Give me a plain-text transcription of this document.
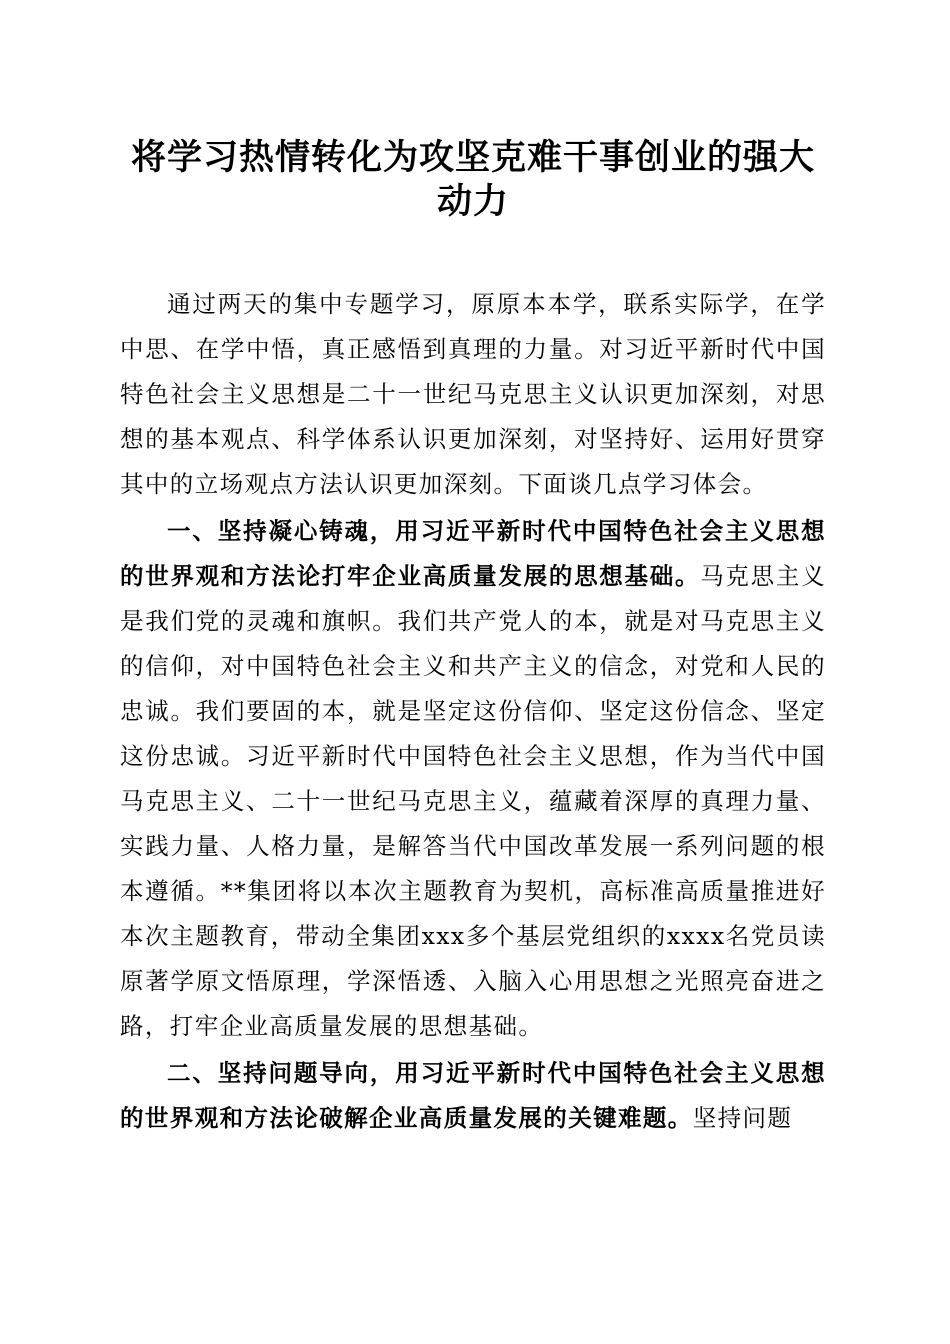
将学习热情转化为攻坚克难干事创业的强大动力

通过两天的集中专题学习，原原本本学，联系实际学，在学中思、在学中悟，真正感悟到真理的力量。对习近平新时代中国特色社会主义思想是二十一世纪马克思主义认识更加深刻，对思想的基本观点、科学体系认识更加深刻，对坚持好、运用好贯穿其中的立场观点方法认识更加深刻。下面谈几点学习体会。

一、坚持凝心铸魂，用习近平新时代中国特色社会主义思想的世界观和方法论打牢企业高质量发展的思想基础。马克思主义是我们党的灵魂和旗帜。我们共产党人的本，就是对马克思主义的信仰，对中国特色社会主义和共产主义的信念，对党和人民的忠诚。我们要固的本，就是坚定这份信仰、坚定这份信念、坚定这份忠诚。习近平新时代中国特色社会主义思想，作为当代中国马克思主义、二十一世纪马克思主义，蕴藏着深厚的真理力量、实践力量、人格力量，是解答当代中国改革发展一系列问题的根本遵循。**集团将以本次主题教育为契机，高标准高质量推进好本次主题教育，带动全集团xxx多个基层党组织的xxxx名党员读原著学原文悟原理，学深悟透、入脑入心用思想之光照亮奋进之路，打牢企业高质量发展的思想基础。

二、坚持问题导向，用习近平新时代中国特色社会主义思想的世界观和方法论破解企业高质量发展的关键难题。坚持问题
